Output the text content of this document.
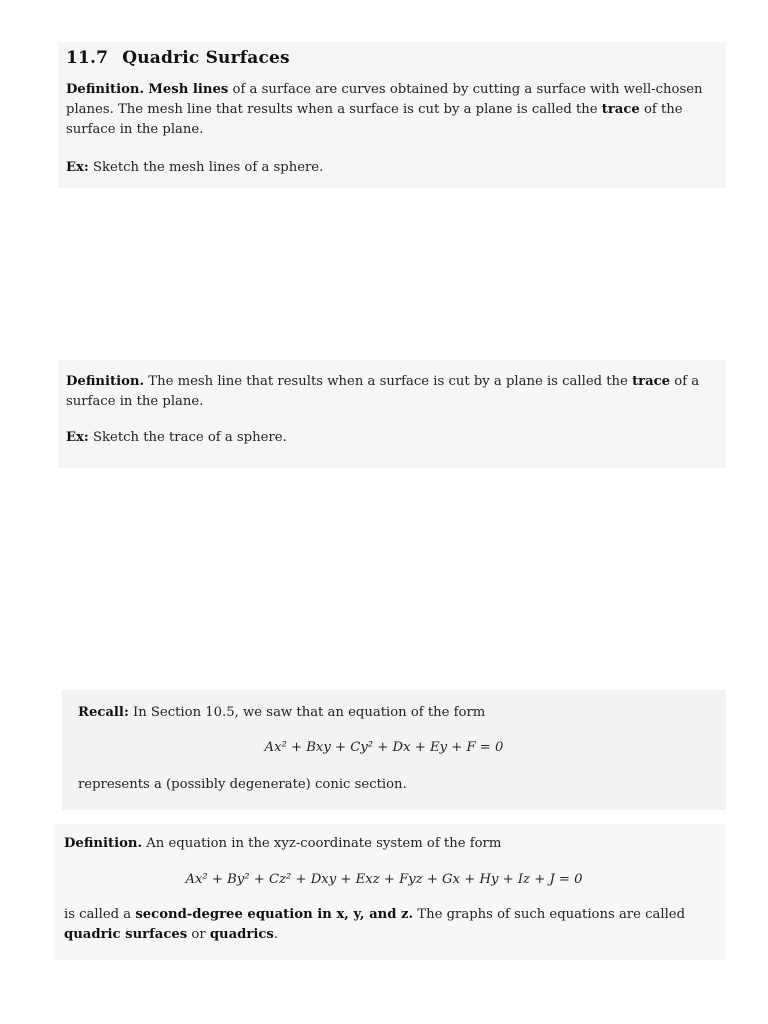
11.7 Quadric Surfaces
Definition. Mesh lines of a surface are curves obtained by cutting a surface with well-chosen planes. The mesh line that results when a surface is cut by a plane is called the trace of the surface in the plane.
Ex: Sketch the mesh lines of a sphere.
Definition. The mesh line that results when a surface is cut by a plane is called the trace of a surface in the plane.
Ex: Sketch the trace of a sphere.
Recall: In Section 10.5, we saw that an equation of the form
Ax² + Bxy + Cy² + Dx + Ey + F = 0
represents a (possibly degenerate) conic section.
Definition. An equation in the xyz-coordinate system of the form
Ax² + By² + Cz² + Dxy + Exz + Fyz + Gx + Hy + Iz + J = 0
is called a second-degree equation in x, y, and z. The graphs of such equations are called quadric surfaces or quadrics.
